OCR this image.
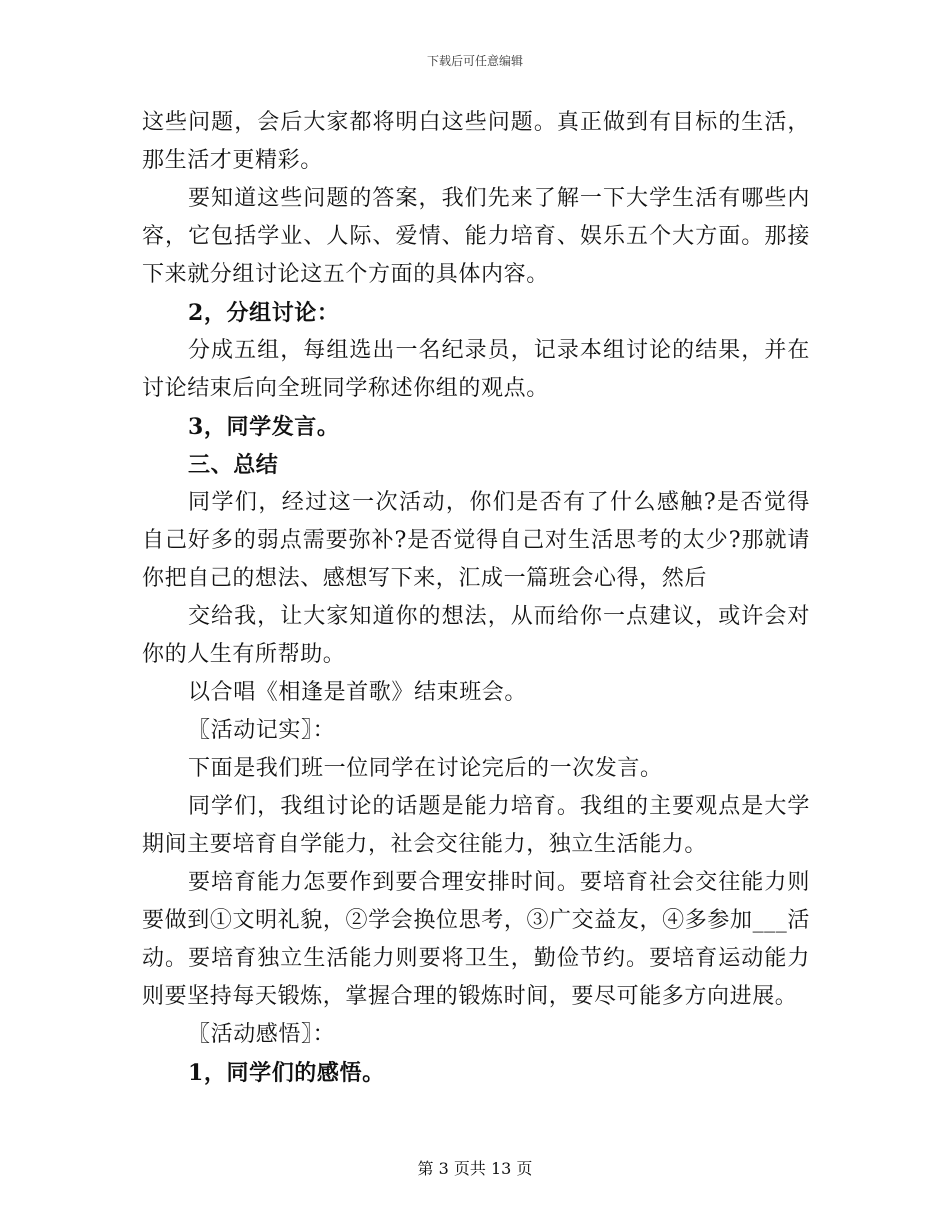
下载后可任意编辑

这些问题，会后大家都将明白这些问题。真正做到有目标的生活，那生活才更精彩。

要知道这些问题的答案，我们先来了解一下大学生活有哪些内容，它包括学业、人际、爱情、能力培育、娱乐五个大方面。那接下来就分组讨论这五个方面的具体内容。

2，分组讨论：

分成五组，每组选出一名纪录员，记录本组讨论的结果，并在讨论结束后向全班同学称述你组的观点。

3，同学发言。

三、总结

同学们，经过这一次活动，你们是否有了什么感触?是否觉得自己好多的弱点需要弥补?是否觉得自己对生活思考的太少?那就请你把自己的想法、感想写下来，汇成一篇班会心得，然后

交给我，让大家知道你的想法，从而给你一点建议，或许会对你的人生有所帮助。

以合唱《相逢是首歌》结束班会。

〖活动记实〗：

下面是我们班一位同学在讨论完后的一次发言。

同学们，我组讨论的话题是能力培育。我组的主要观点是大学期间主要培育自学能力，社会交往能力，独立生活能力。

要培育能力怎要作到要合理安排时间。要培育社会交往能力则要做到①文明礼貌，②学会换位思考，③广交益友，④多参加___活动。要培育独立生活能力则要将卫生，勤俭节约。要培育运动能力则要坚持每天锻炼，掌握合理的锻炼时间，要尽可能多方向进展。

〖活动感悟〗：

1，同学们的感悟。

第 3 页共 13 页
